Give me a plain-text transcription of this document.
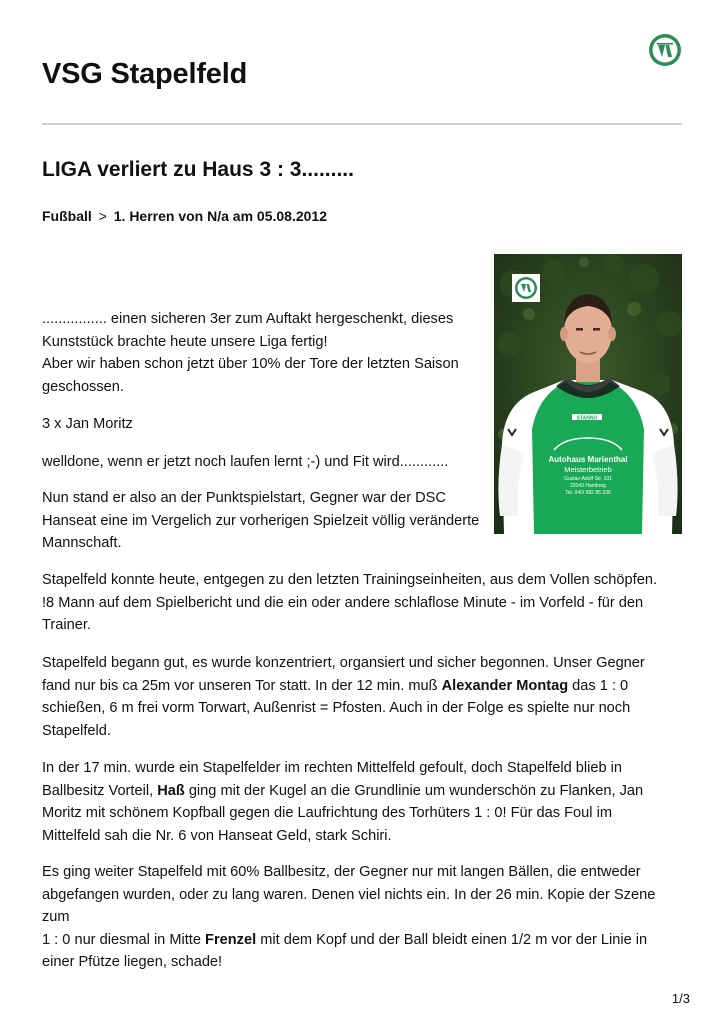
VSG Stapelfeld
LIGA verliert zu Haus 3 : 3.........
Fußball > 1. Herren von N/a am 05.08.2012
STANNO
Autohaus Marienthal
Meisterbetrieb
Gustav-Adolf-Str. 101
22043 Hamburg
Tel. 040/ 682 85 330

................ einen sicheren 3er zum Auftakt hergeschenkt, dieses
Kunststück brachte heute unsere Liga fertig!
Aber wir haben schon jetzt über 10% der Tore der letzten Saison
geschossen.

3 x Jan Moritz

welldone, wenn er jetzt noch laufen lernt ;-) und Fit wird............

Nun stand er also an der Punktspielstart, Gegner war der DSC
Hanseat eine im Vergelich zur vorherigen Spielzeit völlig veränderte
Mannschaft.

Stapelfeld konnte heute, entgegen zu den letzten Trainingseinheiten, aus dem Vollen schöpfen.
!8 Mann auf dem Spielbericht und die ein oder andere schlaflose Minute - im Vorfeld - für den
Trainer.

Stapelfeld begann gut, es wurde konzentriert, organsiert und sicher begonnen. Unser Gegner
fand nur bis ca 25m vor unseren Tor statt. In der 12 min. muß Alexander Montag das 1 : 0
schießen, 6 m frei vorm Torwart, Außenrist = Pfosten. Auch in der Folge es spielte nur noch
Stapelfeld.

In der 17 min. wurde ein Stapelfelder im rechten Mittelfeld gefoult, doch Stapelfeld blieb in
Ballbesitz Vorteil, Haß ging mit der Kugel an die Grundlinie um wunderschön zu Flanken, Jan
Moritz mit schönem Kopfball gegen die Laufrichtung des Torhüters 1 : 0! Für das Foul im
Mittelfeld sah die Nr. 6 von Hanseat Geld, stark Schiri.

Es ging weiter Stapelfeld mit 60% Ballbesitz, der Gegner nur mit langen Bällen, die entweder
abgefangen wurden, oder zu lang waren. Denen viel nichts ein. In der 26 min. Kopie der Szene
zum
1 : 0 nur diesmal in Mitte Frenzel mit dem Kopf und der Ball bleidt einen 1/2 m vor der Linie in
einer Pfütze liegen, schade!

1/3
